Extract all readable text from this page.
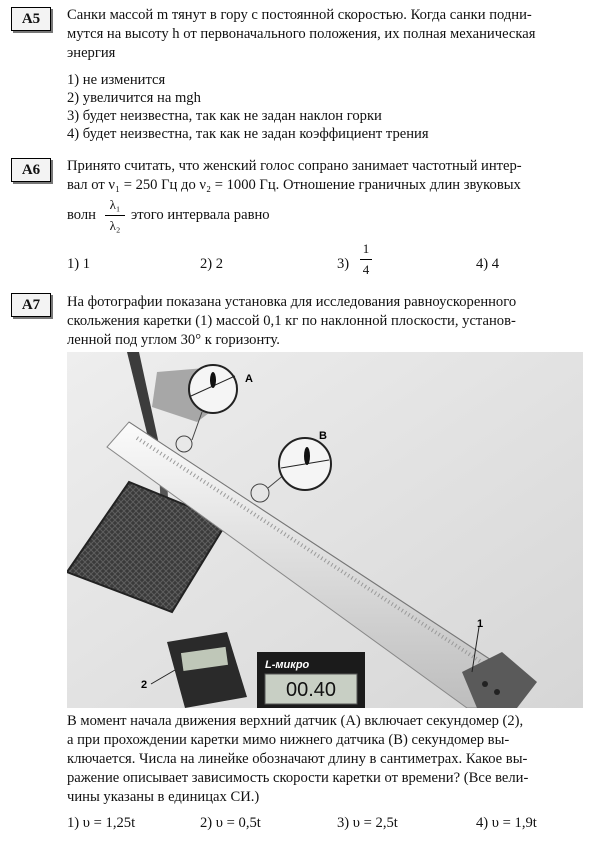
A5	Санки массой m тянут в гору с постоянной скоростью. Когда санки подни-
мутся на высоту h от первоначального положения, их полная механическая
энергия
1) не изменится
2) увеличится на mgh
3) будет неизвестна, так как не задан наклон горки
4) будет неизвестна, так как не задан коэффициент трения
A6	Принято считать, что женский голос сопрано занимает частотный интер-
вал от ν₁ = 250 Гц до ν₂ = 1000 Гц. Отношение граничных длин звуковых
волн
λ₁
λ₂
этого интервала равно
1) 1	2) 2	3)
1
4	4) 4
A7	На фотографии показана установка для исследования равноускоренного
скольжения каретки (1) массой 0,1 кг по наклонной плоскости, установ-
ленной под углом 30° к горизонту.
A
B
1
2
L-микро
00.40
В момент начала движения верхний датчик (А) включает секундомер (2),
а при прохождении каретки мимо нижнего датчика (В) секундомер вы-
ключается. Числа на линейке обозначают длину в сантиметрах. Какое вы-
ражение описывает зависимость скорости каретки от времени? (Все вели-
чины указаны в единицах СИ.)
1) υ = 1,25t	2) υ = 0,5t	3) υ = 2,5t	4) υ = 1,9t
